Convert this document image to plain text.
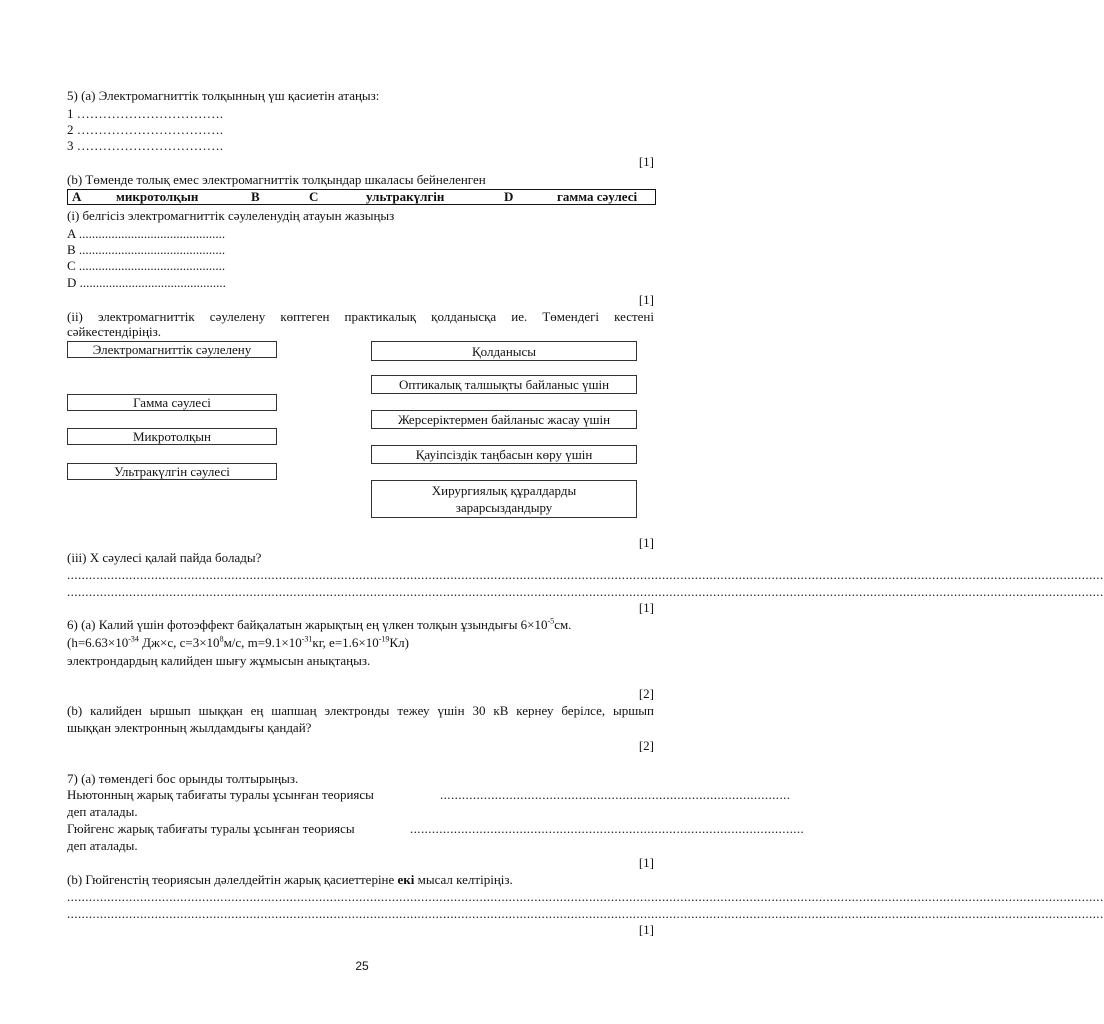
5) (a) Электромагниттік толқынның үш қасиетін атаңыз:
1 …………………………….
2 …………………………….
3 …………………………….
[1]
(b) Төменде толық емес электромагниттік толқындар шкаласы бейнеленген
A	микротолқын	B	C	ультракүлгін	D	гамма сәулесі
(i) белгісіз электромагниттік сәулеленудің атауын жазыңыз
A .............................................
B .............................................
C .............................................
D .............................................
[1]
(ii) электромагниттік сәулелену көптеген практикалық қолданысқа ие. Төмендегі кестені
сәйкестендіріңіз.
Электромагниттік сәулелену
Гамма сәулесі
Микротолқын
Ультракүлгін сәулесі
Қолданысы
Оптикалық талшықты байланыс үшін
Жерсеріктермен байланыс жасау үшін
Қауіпсіздік таңбасын көру үшін
Хирургиялық құралдарды
зарарсыздандыру
[1]
(iii) X сәулесі қалай пайда болады?
............................................................................................................................................................................................................................................................................................
............................................................................................................................................................................................................................................................................................
[1]
6) (a) Калий үшін фотоэффект байқалатын жарықтың ең үлкен толқын ұзындығы $6\times 10^{-5}см$.
($h=6.63\times 10^{-34}$ Дж×с, $с=3\times 10^8м/с$, $m=9.1\times 10^{-31}кг$, $е=1.6\times 10^{-19}Кл$)
электрондардың калийден шығу жұмысын анықтаңыз.
[2]
(b) калийден ыршып шыққан ең шапшаң электронды тежеу үшін 30 кВ кернеу берілсе, ыршып
шыққан электронның жылдамдығы қандай?
[2]
7) (а) төмендегі бос орынды толтырыңыз.
Ньютонның жарық табиғаты туралы ұсынған теориясы	................................................................................................
деп аталады.
Гюйгенс жарық табиғаты туралы ұсынған теориясы	............................................................................................................
деп аталады.
[1]
(b) Гюйгенстің теориясын дәлелдейтін жарық қасиеттеріне екі мысал келтіріңіз.
............................................................................................................................................................................................................................................................................................
............................................................................................................................................................................................................................................................................................
[1]
25
